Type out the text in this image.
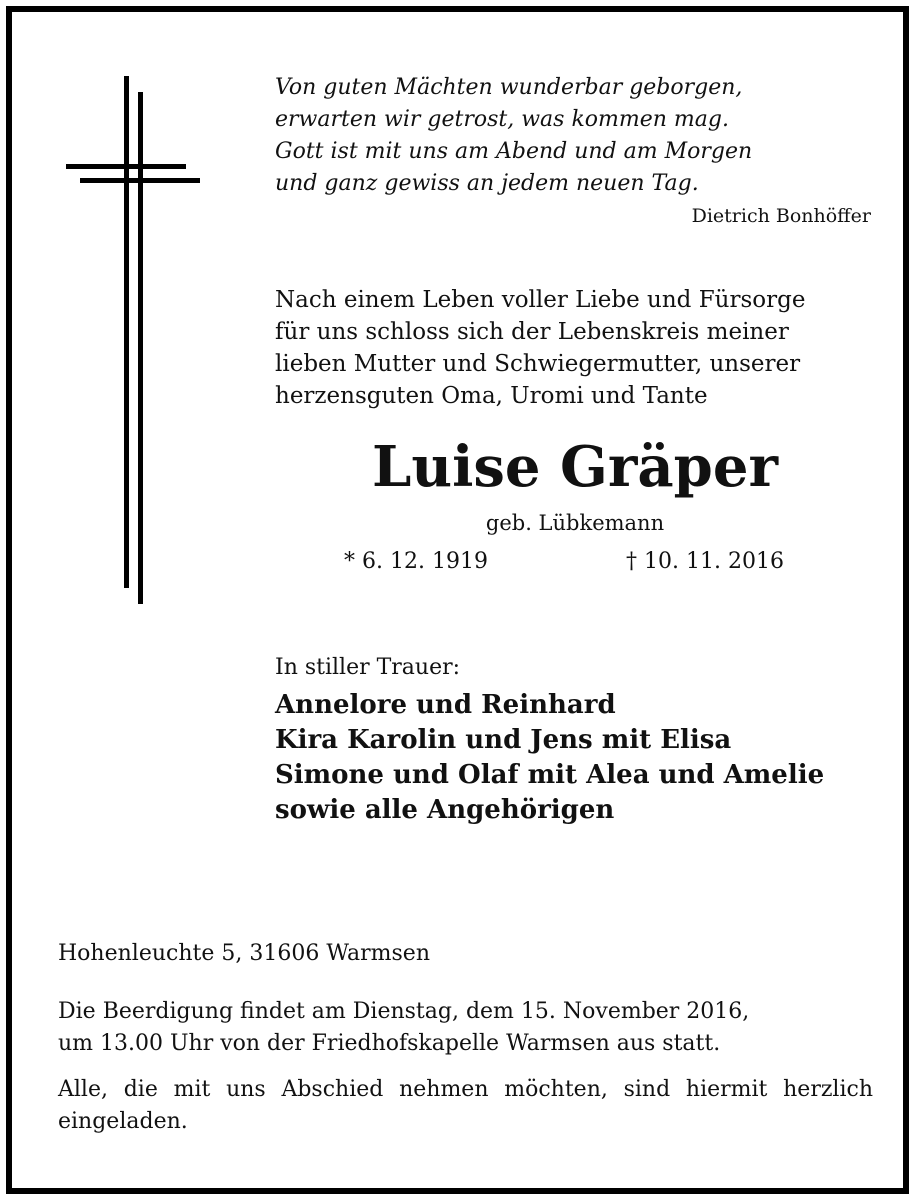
Von guten Mächten wunderbar geborgen,
erwarten wir getrost, was kommen mag.
Gott ist mit uns am Abend und am Morgen
und ganz gewiss an jedem neuen Tag.
Dietrich Bonhöffer
Nach einem Leben voller Liebe und Fürsorge
für uns schloss sich der Lebenskreis meiner
lieben Mutter und Schwiegermutter, unserer
herzensguten Oma, Uromi und Tante
Luise Gräper
geb. Lübkemann
* 6. 12. 1919	† 10. 11. 2016
In stiller Trauer:
Annelore und Reinhard
Kira Karolin und Jens mit Elisa
Simone und Olaf mit Alea und Amelie
sowie alle Angehörigen
Hohenleuchte 5, 31606 Warmsen
Die Beerdigung findet am Dienstag, dem 15. November 2016,
um 13.00 Uhr von der Friedhofskapelle Warmsen aus statt.
Alle, die mit uns Abschied nehmen möchten, sind hiermit herzlich eingeladen.
